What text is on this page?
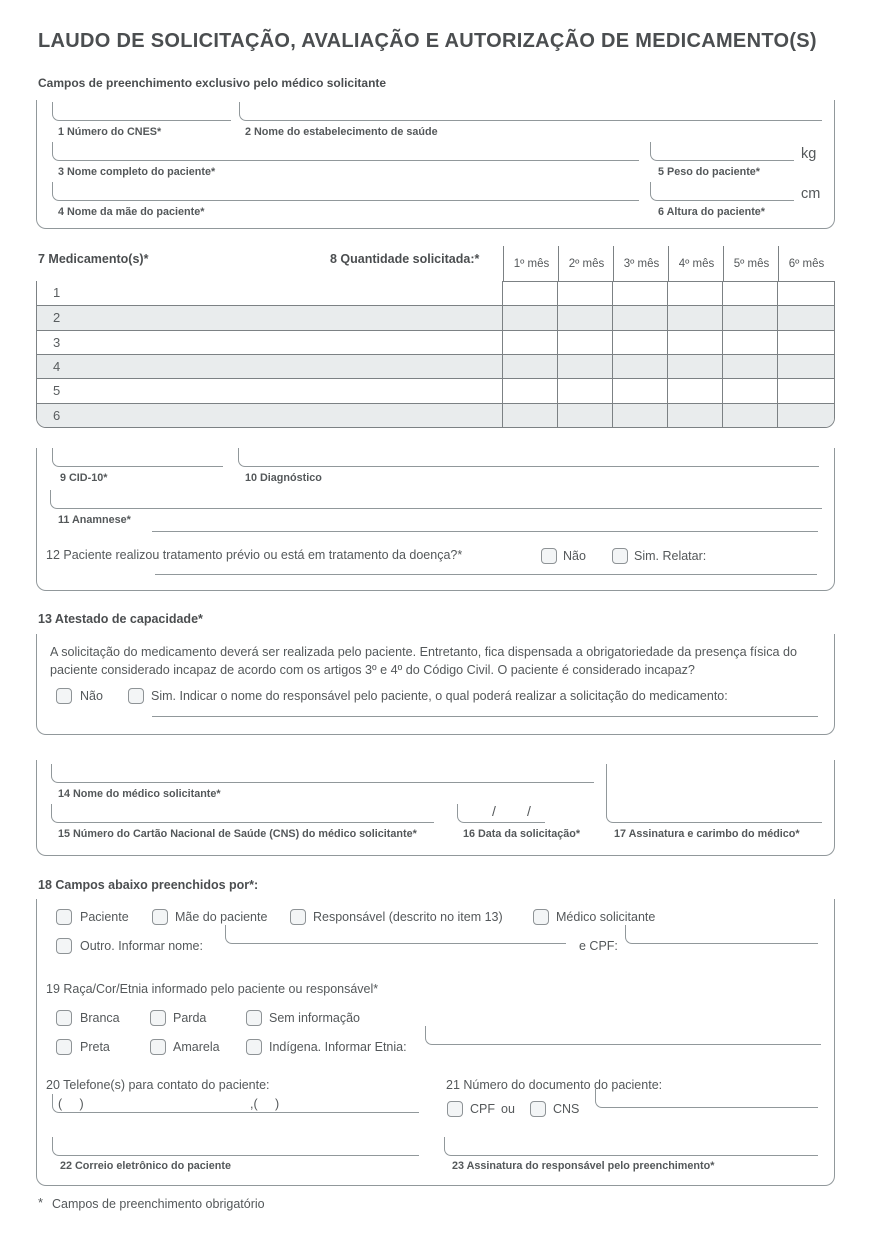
LAUDO DE SOLICITAÇÃO, AVALIAÇÃO E AUTORIZAÇÃO DE MEDICAMENTO(S)
Campos de preenchimento exclusivo pelo médico solicitante
1 Número do CNES*	2 Nome do estabelecimento de saúde
3 Nome completo do paciente*	5 Peso do paciente*
kg
4 Nome da mãe do paciente*	6 Altura do paciente*
cm
7 Medicamento(s)*	8 Quantidade solicitada:*	1º mês	2º mês	3º mês	4º mês	5º mês	6º mês
1
2
3
4
5
6
9 CID-10*	10 Diagnóstico
11 Anamnese*
12 Paciente realizou tratamento prévio ou está em tratamento da doença?*	Não	Sim. Relatar:
13 Atestado de capacidade*
A solicitação do medicamento deverá ser realizada pelo paciente. Entretanto, fica dispensada a obrigatoriedade da presença física do paciente considerado incapaz de acordo com os artigos 3º e 4º do Código Civil. O paciente é considerado incapaz?
Não	Sim. Indicar o nome do responsável pelo paciente, o qual poderá realizar a solicitação do medicamento:
14 Nome do médico solicitante*
15 Número do Cartão Nacional de Saúde (CNS) do médico solicitante*
/        /
16 Data da solicitação*	17 Assinatura e carimbo do médico*
18 Campos abaixo preenchidos por*:
Paciente	Mãe do paciente	Responsável (descrito no item 13)	Médico solicitante
Outro. Informar nome:	e CPF:
19 Raça/Cor/Etnia informado pelo paciente ou responsável*
Branca	Parda	Sem informação
Preta	Amarela	Indígena. Informar Etnia:
20 Telefone(s) para contato do paciente:	21 Número do documento do paciente:
(     )	,(     )	CPF ou	CNS
22 Correio eletrônico do paciente	23 Assinatura do responsável pelo preenchimento*
* Campos de preenchimento obrigatório
